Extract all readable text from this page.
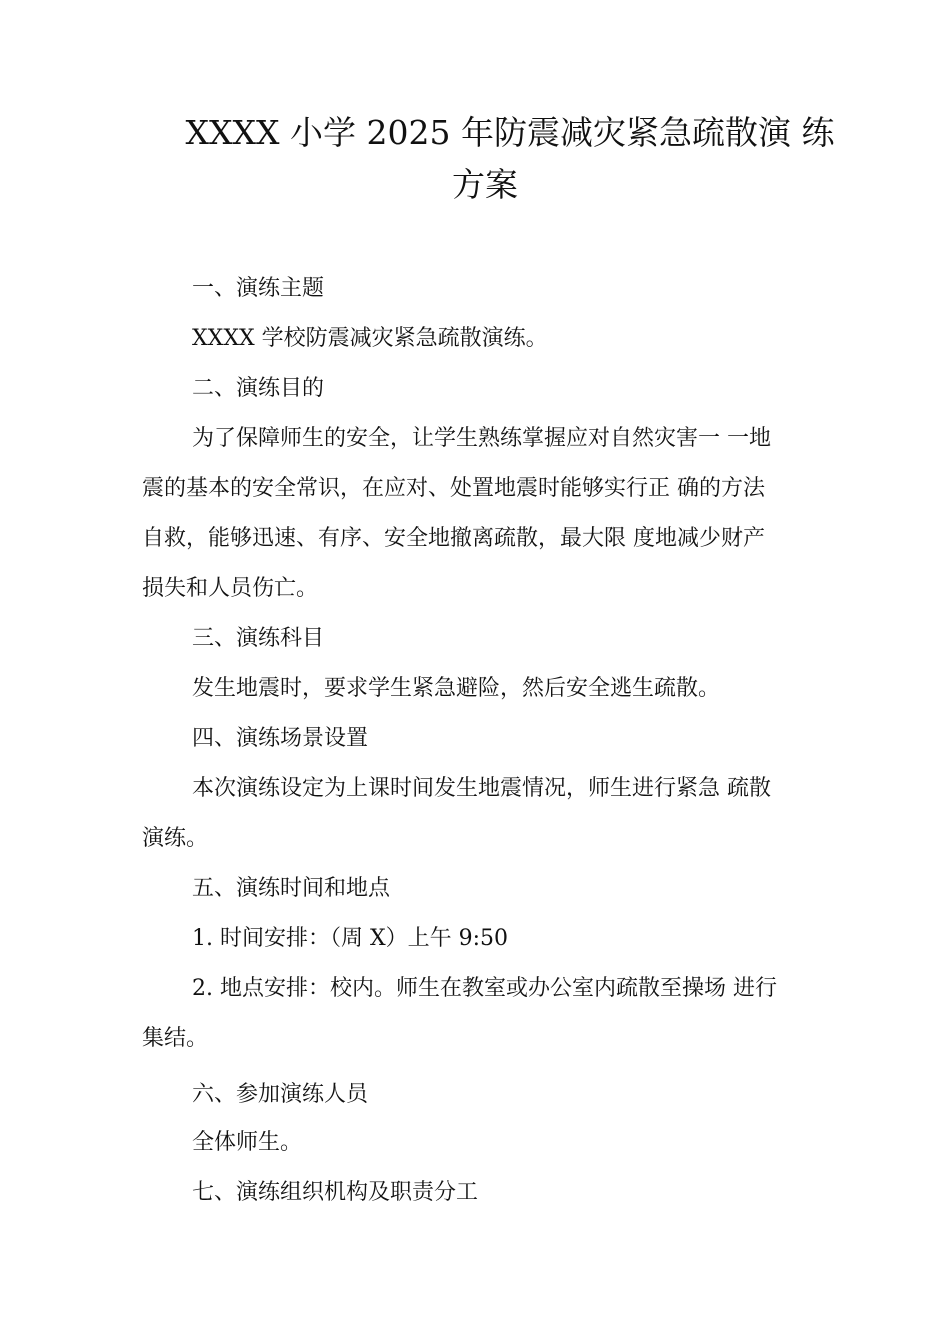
XXXX 小学 2025 年防震减灾紧急疏散演 练
方案
一、演练主题
XXXX 学校防震减灾紧急疏散演练。
二、演练目的
为了保障师生的安全，让学生熟练掌握应对自然灾害一 一地
震的基本的安全常识，在应对、处置地震时能够实行正 确的方法
自救，能够迅速、有序、安全地撤离疏散，最大限 度地减少财产
损失和人员伤亡。
三、演练科目
发生地震时，要求学生紧急避险，然后安全逃生疏散。
四、演练场景设置
本次演练设定为上课时间发生地震情况，师生进行紧急 疏散
演练。
五、演练时间和地点
1. 时间安排：（周 X）上午 9:50
2. 地点安排：校内。师生在教室或办公室内疏散至操场 进行
集结。
六、参加演练人员
全体师生。
七、演练组织机构及职责分工
